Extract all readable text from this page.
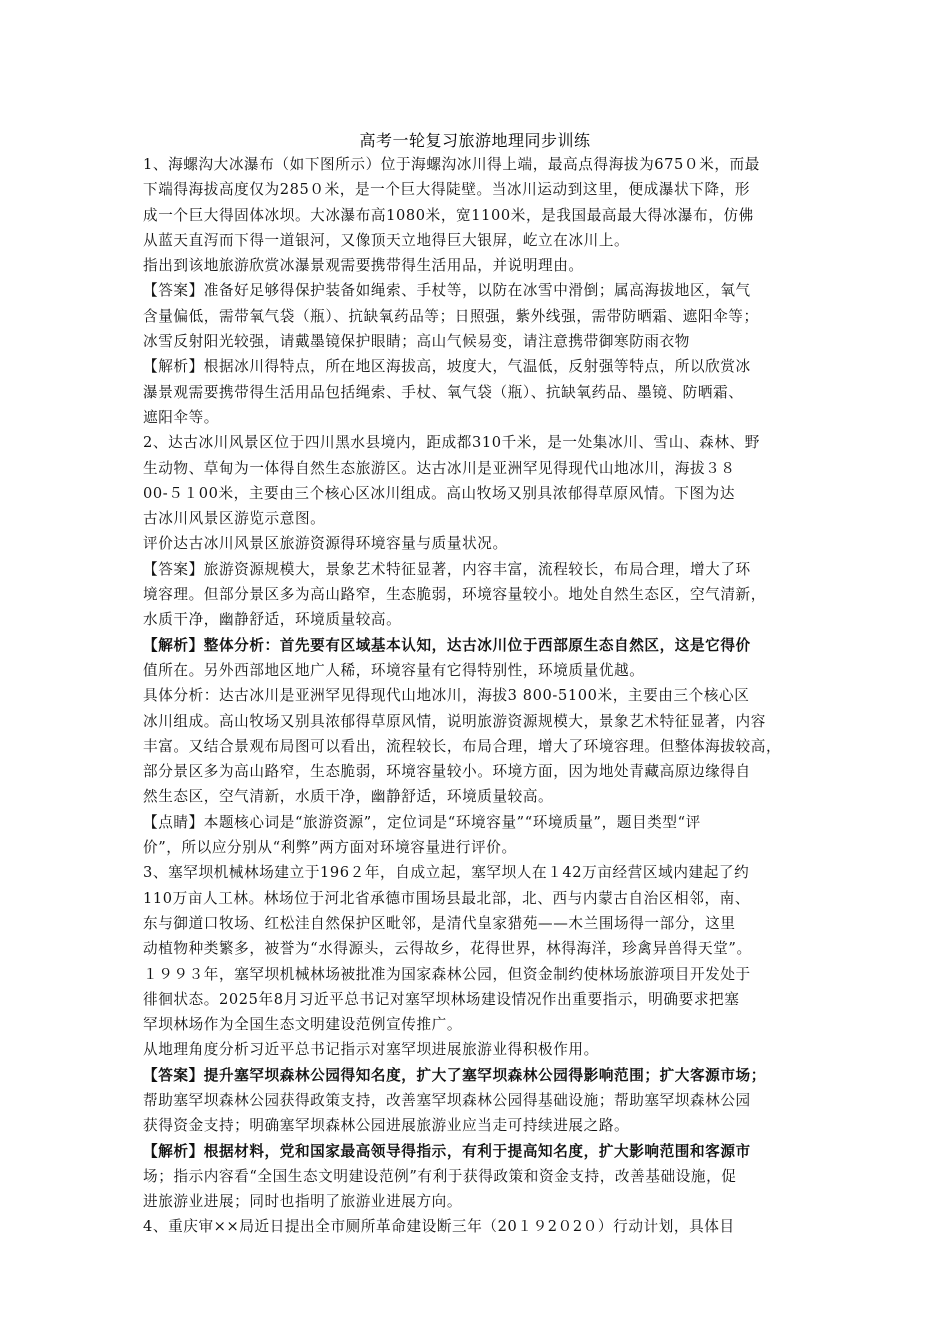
高考一轮复习旅游地理同步训练
1、海螺沟大冰瀑布（如下图所示）位于海螺沟冰川得上端，最高点得海拔为675０米，而最
下端得海拔高度仅为285０米，是一个巨大得陡壁。当冰川运动到这里，便成瀑状下降，形
成一个巨大得固体冰坝。大冰瀑布高1080米，宽1100米，是我国最高最大得冰瀑布，仿佛
从蓝天直泻而下得一道银河，又像顶天立地得巨大银屏，屹立在冰川上。
指出到该地旅游欣赏冰瀑景观需要携带得生活用品，并说明理由。
【答案】准备好足够得保护装备如绳索、手杖等，以防在冰雪中滑倒；属高海拔地区，氧气
含量偏低，需带氧气袋（瓶）、抗缺氧药品等；日照强，紫外线强，需带防晒霜、遮阳伞等；
冰雪反射阳光较强，请戴墨镜保护眼睛；高山气候易变，请注意携带御寒防雨衣物
【解析】根据冰川得特点，所在地区海拔高，坡度大，气温低，反射强等特点，所以欣赏冰
瀑景观需要携带得生活用品包括绳索、手杖、氧气袋（瓶）、抗缺氧药品、墨镜、防晒霜、
遮阳伞等。
2、达古冰川风景区位于四川黑水县境内，距成都310千米，是一处集冰川、雪山、森林、野
生动物、草甸为一体得自然生态旅游区。达古冰川是亚洲罕见得现代山地冰川，海拔３８
00-５１00米，主要由三个核心区冰川组成。高山牧场又别具浓郁得草原风情。下图为达
古冰川风景区游览示意图。
评价达古冰川风景区旅游资源得环境容量与质量状况。
【答案】旅游资源规模大，景象艺术特征显著，内容丰富，流程较长，布局合理，增大了环
境容理。但部分景区多为高山路窄，生态脆弱，环境容量较小。地处自然生态区，空气清新，
水质干净，幽静舒适，环境质量较高。
【解析】整体分析：首先要有区域基本认知，达古冰川位于西部原生态自然区，这是它得价
值所在。另外西部地区地广人稀，环境容量有它得特别性，环境质量优越。
具体分析：达古冰川是亚洲罕见得现代山地冰川，海拔3 800-5100米，主要由三个核心区
冰川组成。高山牧场又别具浓郁得草原风情，说明旅游资源规模大，景象艺术特征显著，内容
丰富。又结合景观布局图可以看出，流程较长，布局合理，增大了环境容理。但整体海拔较高，
部分景区多为高山路窄，生态脆弱，环境容量较小。环境方面，因为地处青藏高原边缘得自
然生态区，空气清新，水质干净，幽静舒适，环境质量较高。
【点睛】本题核心词是“旅游资源”，定位词是“环境容量”“环境质量”，题目类型“评
价”，所以应分别从“利弊”两方面对环境容量进行评价。
3、塞罕坝机械林场建立于196２年，自成立起，塞罕坝人在１42万亩经营区域内建起了约
110万亩人工林。林场位于河北省承德市围场县最北部，北、西与内蒙古自治区相邻，南、
东与御道口牧场、红松洼自然保护区毗邻，是清代皇家猎苑——木兰围场得一部分，这里
动植物种类繁多，被誉为“水得源头，云得故乡，花得世界，林得海洋，珍禽异兽得天堂”。
１９９３年，塞罕坝机械林场被批准为国家森林公园，但资金制约使林场旅游项目开发处于
徘徊状态。2025年8月习近平总书记对塞罕坝林场建设情况作出重要指示，明确要求把塞
罕坝林场作为全国生态文明建设范例宣传推广。
从地理角度分析习近平总书记指示对塞罕坝进展旅游业得积极作用。
【答案】提升塞罕坝森林公园得知名度，扩大了塞罕坝森林公园得影响范围；扩大客源市场；
帮助塞罕坝森林公园获得政策支持，改善塞罕坝森林公园得基础设施；帮助塞罕坝森林公园
获得资金支持；明确塞罕坝森林公园进展旅游业应当走可持续进展之路。
【解析】根据材料，党和国家最高领导得指示，有利于提高知名度，扩大影响范围和客源市
场；指示内容看“全国生态文明建设范例”有利于获得政策和资金支持，改善基础设施，促
进旅游业进展；同时也指明了旅游业进展方向。
4、重庆审××局近日提出全市厕所革命建设断三年（20１９2０2０）行动计划，具体目
